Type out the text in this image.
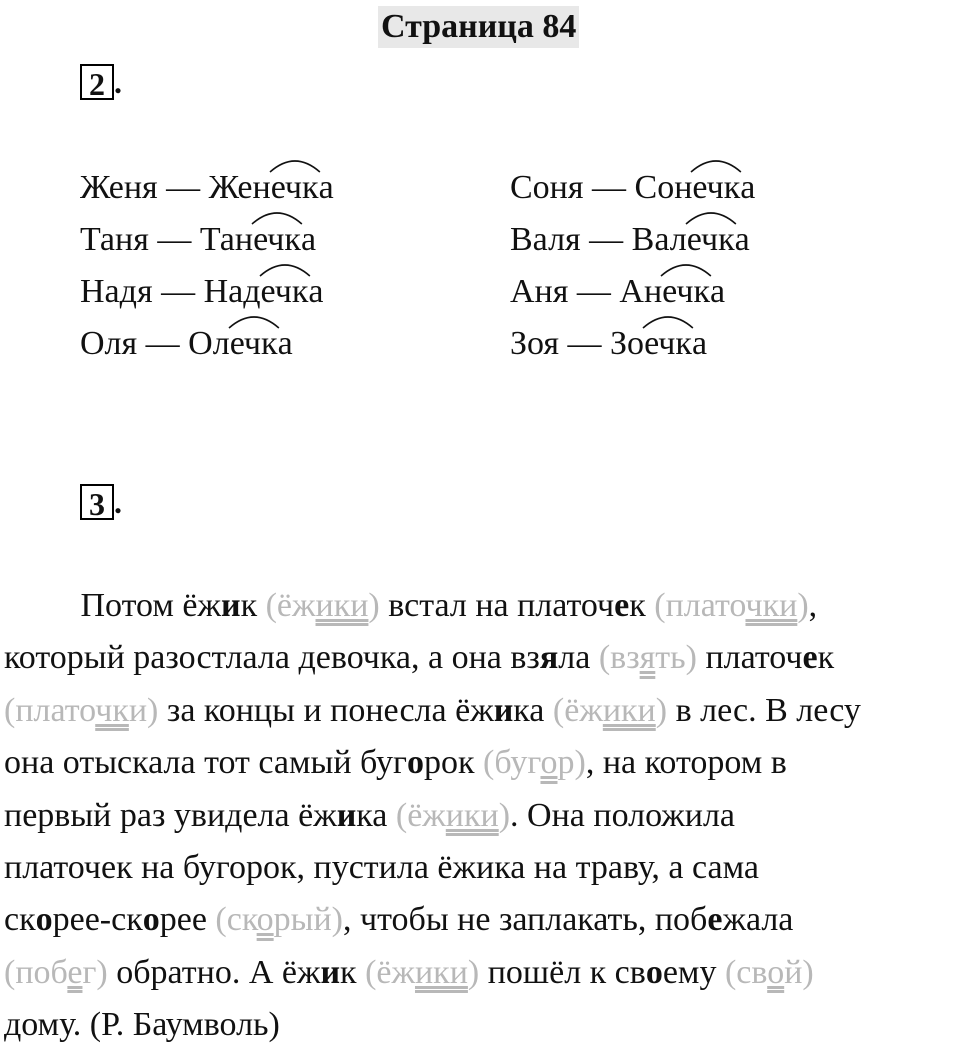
Страница 84
2 .
Женя — Женечк
а
Таня — Танечк
а
Надя — Надечк
а
Оля — Олечк
а
Соня — Сонечк
а
Валя — Валечк
а
Аня — Анечк
а
Зоя — Зоечк
а
3 .
Потом ёжик (ёжики) встал на платочек (платочки),
который разостлала девочка, а она взяла (взять) платочек
(платочки) за концы и понесла ёжика (ёжики) в лес. В лесу
она отыскала тот самый бугорок (бугор), на котором в
первый раз увидела ёжика (ёжики). Она положила
платочек на бугорок, пустила ёжика на траву, а сама
скорее-скорее (скорый), чтобы не заплакать, побежала
(побег) обратно. А ёжик (ёжики) пошёл к своему (свой)
дому. (Р. Баумволь)
